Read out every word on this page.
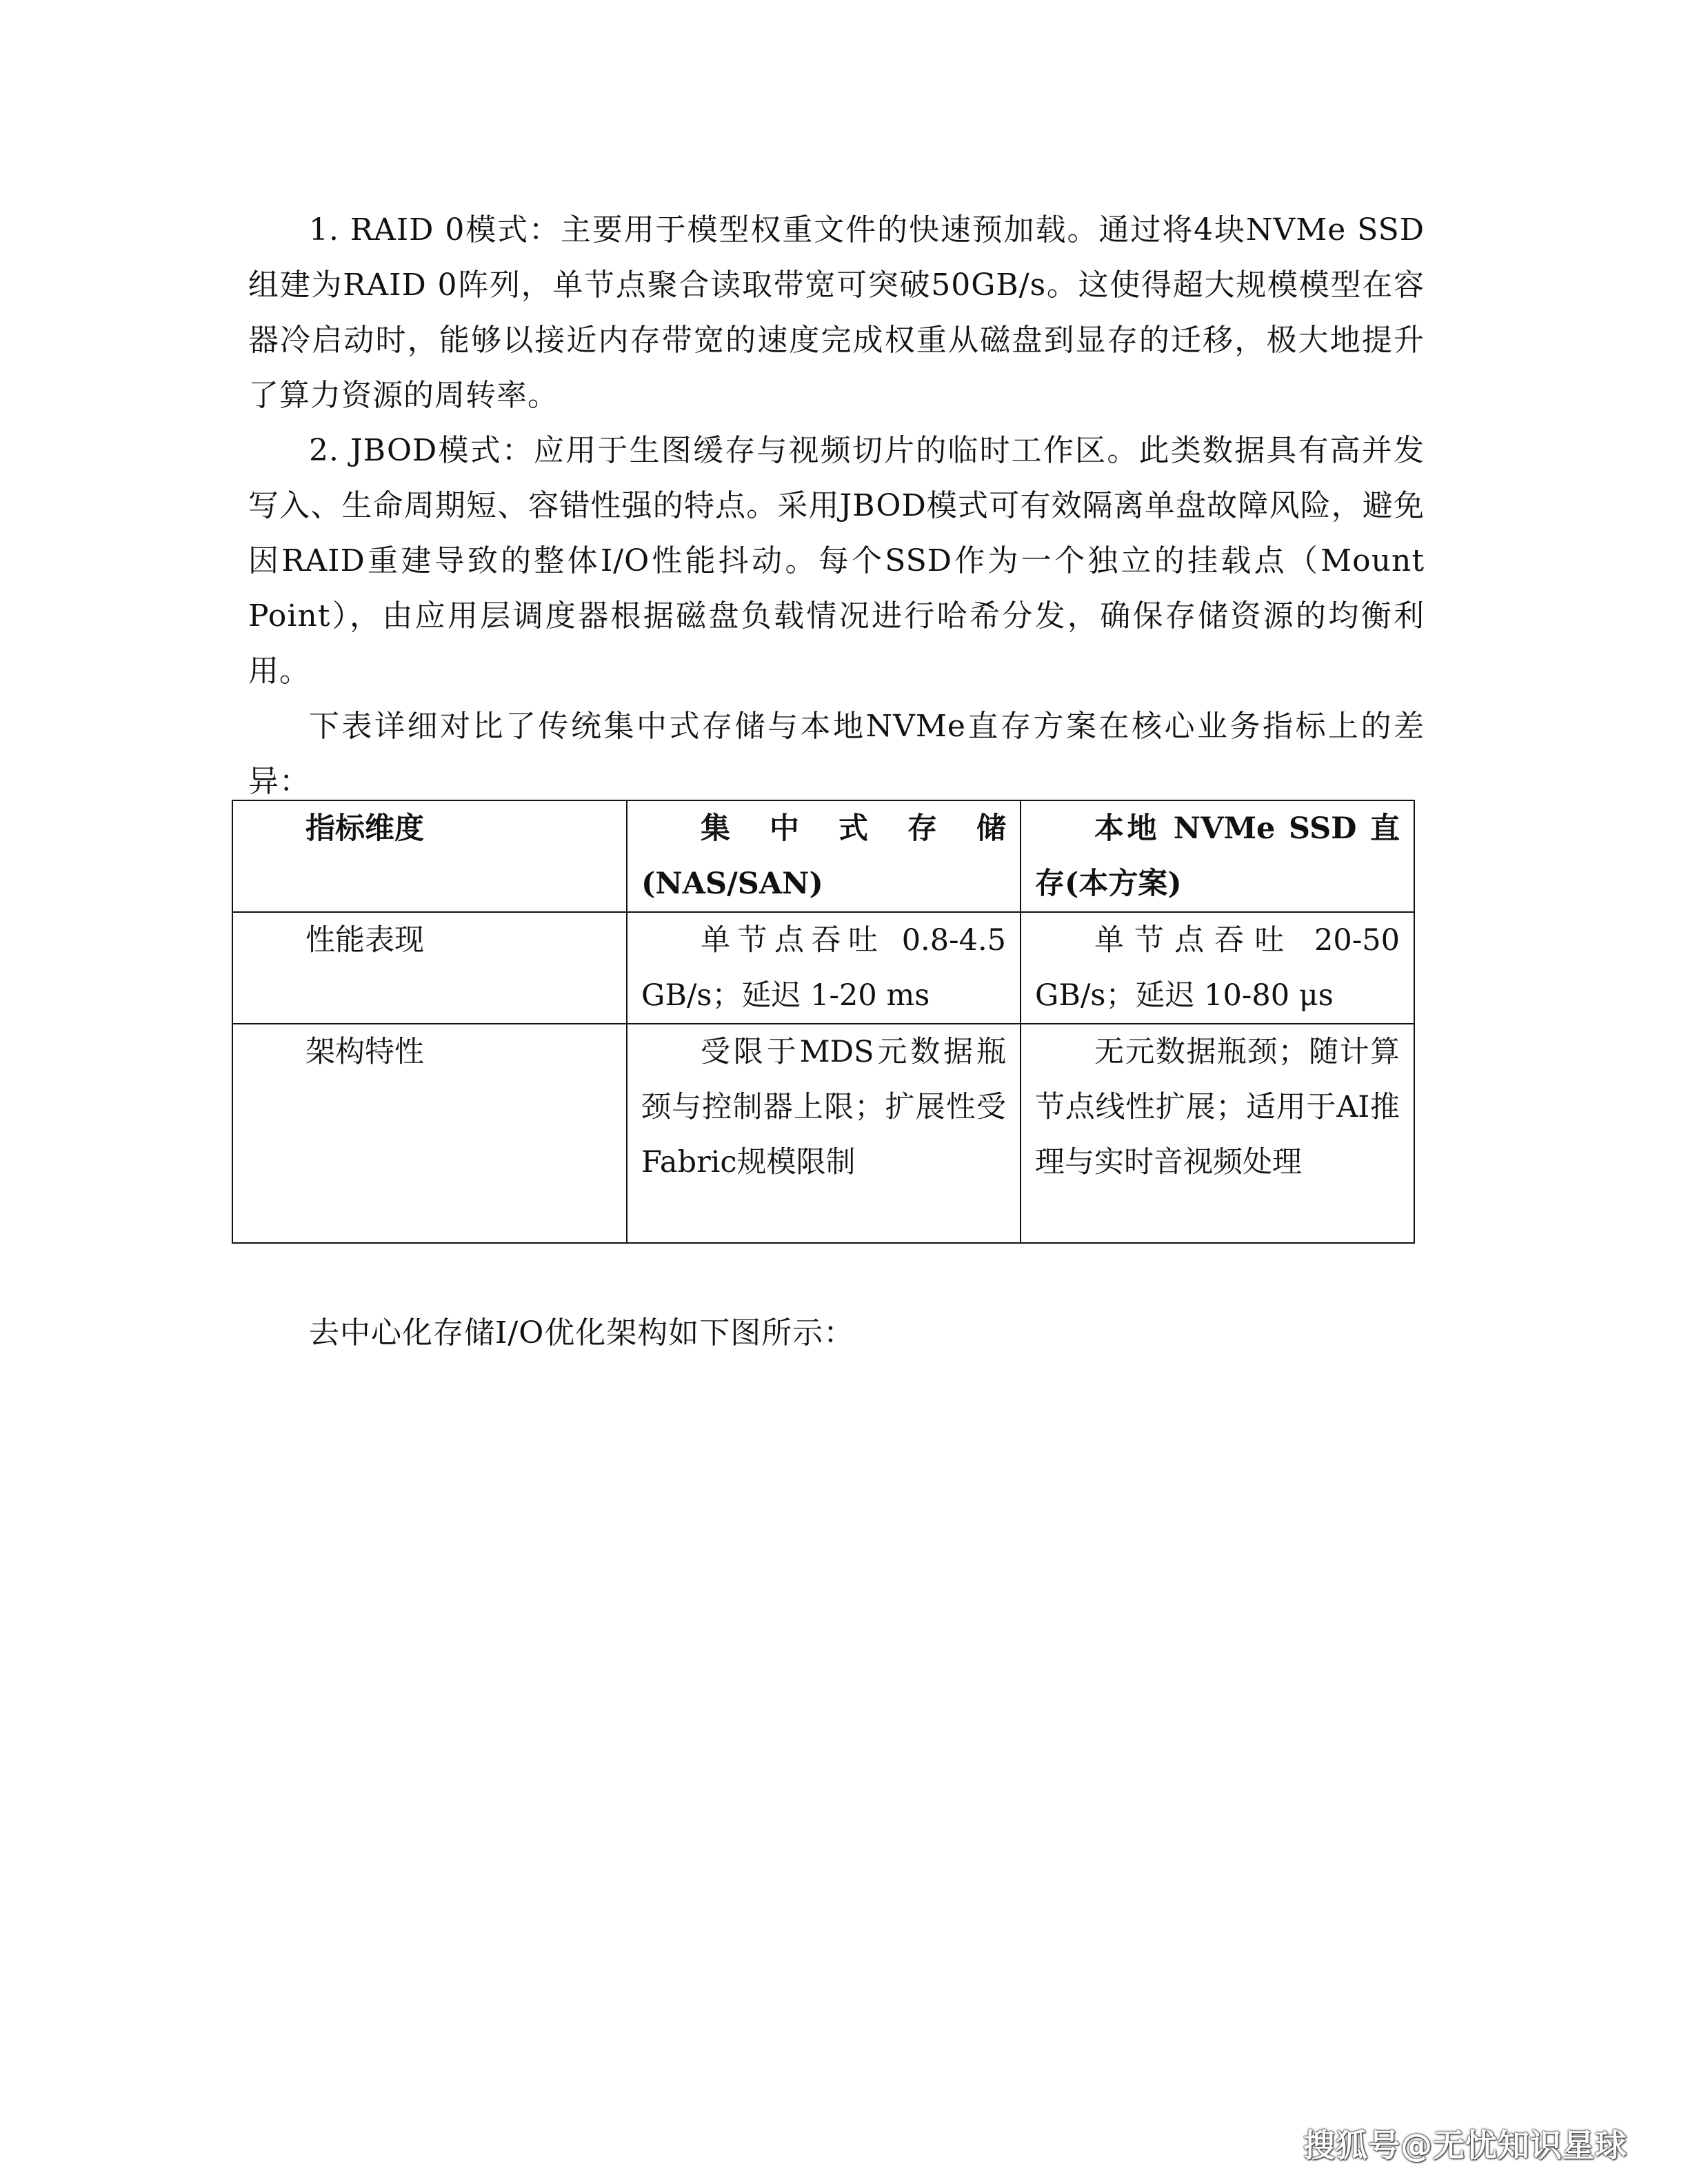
1. RAID 0模式：主要用于模型权重文件的快速预加载。通过将4块NVMe SSD组建为RAID 0阵列，单节点聚合读取带宽可突破50GB/s。这使得超大规模模型在容器冷启动时，能够以接近内存带宽的速度完成权重从磁盘到显存的迁移，极大地提升了算力资源的周转率。

2. JBOD模式：应用于生图缓存与视频切片的临时工作区。此类数据具有高并发写入、生命周期短、容错性强的特点。采用JBOD模式可有效隔离单盘故障风险，避免因RAID重建导致的整体I/O性能抖动。每个SSD作为一个独立的挂载点（Mount Point），由应用层调度器根据磁盘负载情况进行哈希分发，确保存储资源的均衡利用。

下表详细对比了传统集中式存储与本地NVMe直存方案在核心业务指标上的差异：

指标维度	集中式存储 (NAS/SAN)	本地 NVMe SSD 直存(本方案)
性能表现	单节点吞吐 0.8-4.5 GB/s；延迟 1-20 ms	单节点吞吐 20-50 GB/s；延迟 10-80 μs
架构特性	受限于MDS元数据瓶颈与控制器上限；扩展性受Fabric规模限制	无元数据瓶颈；随计算节点线性扩展；适用于AI推理与实时音视频处理

去中心化存储I/O优化架构如下图所示：

搜狐号@无忧知识星球
